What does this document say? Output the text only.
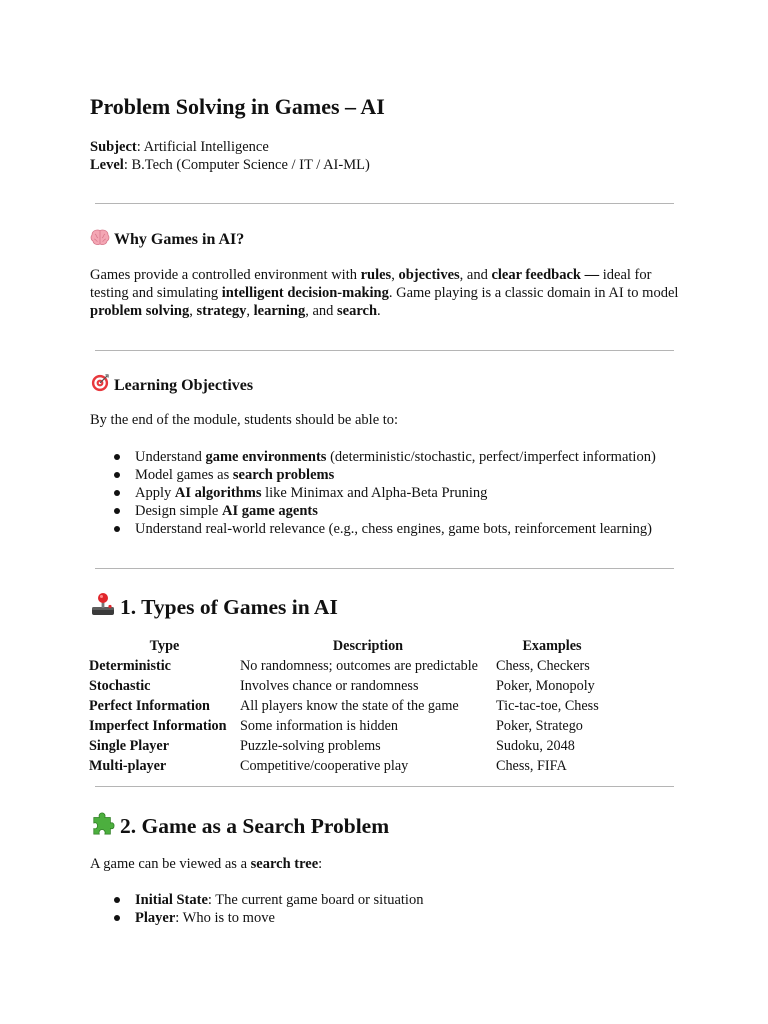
Problem Solving in Games – AI
Subject: Artificial Intelligence
Level: B.Tech (Computer Science / IT / AI-ML)
Why Games in AI?

Games provide a controlled environment with rules, objectives, and clear feedback — ideal for testing and simulating intelligent decision-making. Game playing is a classic domain in AI to model problem solving, strategy, learning, and search.

Learning Objectives

By the end of the module, students should be able to:

Understand game environments (deterministic/stochastic, perfect/imperfect information)
Model games as search problems
Apply AI algorithms like Minimax and Alpha-Beta Pruning
Design simple AI game agents
Understand real-world relevance (e.g., chess engines, game bots, reinforcement learning)
1. Types of Games in AI
Type	Description	Examples
Deterministic	No randomness; outcomes are predictable	Chess, Checkers
Stochastic	Involves chance or randomness	Poker, Monopoly
Perfect Information	All players know the state of the game	Tic-tac-toe, Chess
Imperfect Information	Some information is hidden	Poker, Stratego
Single Player	Puzzle-solving problems	Sudoku, 2048
Multi-player	Competitive/cooperative play	Chess, FIFA
2. Game as a Search Problem

A game can be viewed as a search tree:

Initial State: The current game board or situation
Player: Who is to move
